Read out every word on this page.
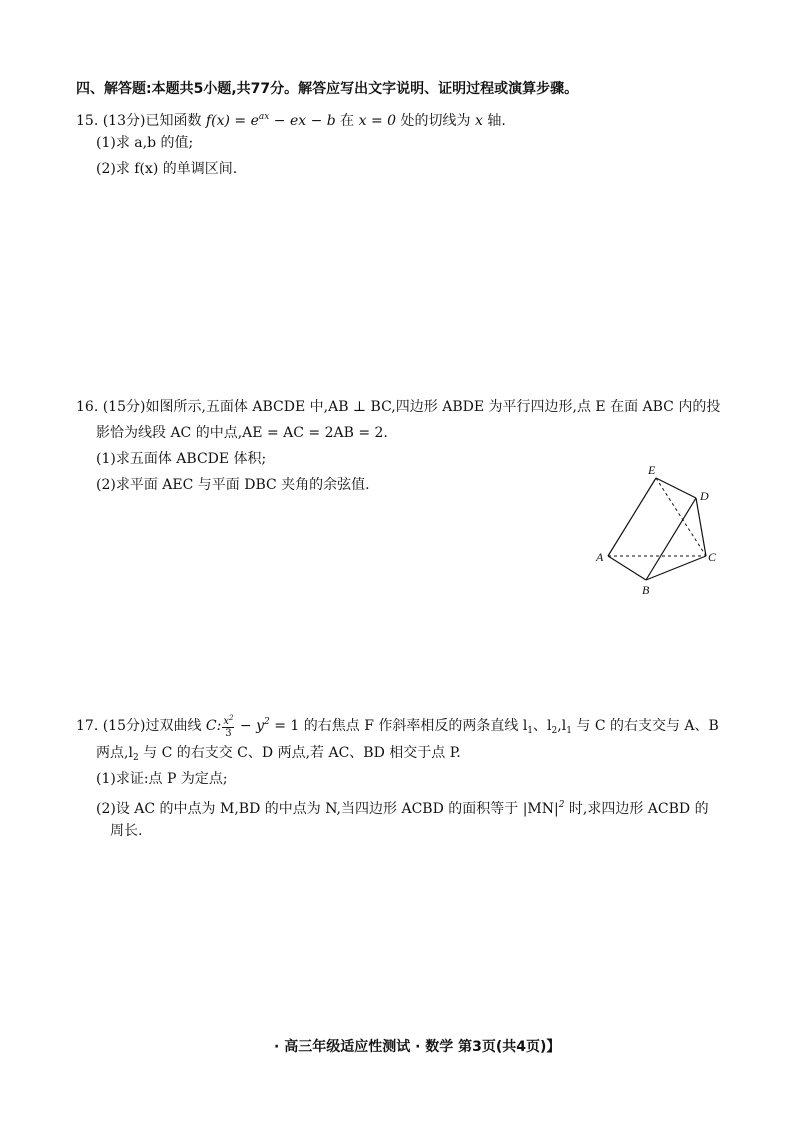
四、解答题:本题共5小题,共77分。解答应写出文字说明、证明过程或演算步骤。
15. (13分)已知函数 $f(x) = e^{ax}$ − ex − b 在 x = 0 处的切线为 x 轴.
(1)求 a,b 的值;
(2)求 f(x) 的单调区间.
16. (15分)如图所示,五面体 ABCDE 中,AB ⊥ BC,四边形 ABDE 为平行四边形,点 E 在面 ABC 内的投
影恰为线段 AC 的中点,AE = AC = 2AB = 2.
(1)求五面体 ABCDE 体积;
(2)求平面 AEC 与平面 DBC 夹角的余弦值.
E
D
A	C
B
17. (15分)过双曲线 C: $\frac{x^2}{3} - y^2 = 1$ 的右焦点 F 作斜率相反的两条直线 $l_1$、$l_2,l_1$ 与 C 的右支交与 A、B
两点$,l_2$ 与 C 的右支交 C、D 两点,若 AC、BD 相交于点 P.
(1)求证:点 P 为定点;
(2)设 AC 的中点为 M,BD 的中点为 N,当四边形 ACBD 的面积等于 $|MN|^2$ 时,求四边形 ACBD 的
周长.
· 高三年级适应性测试 · 数学 第3页(共4页)】
